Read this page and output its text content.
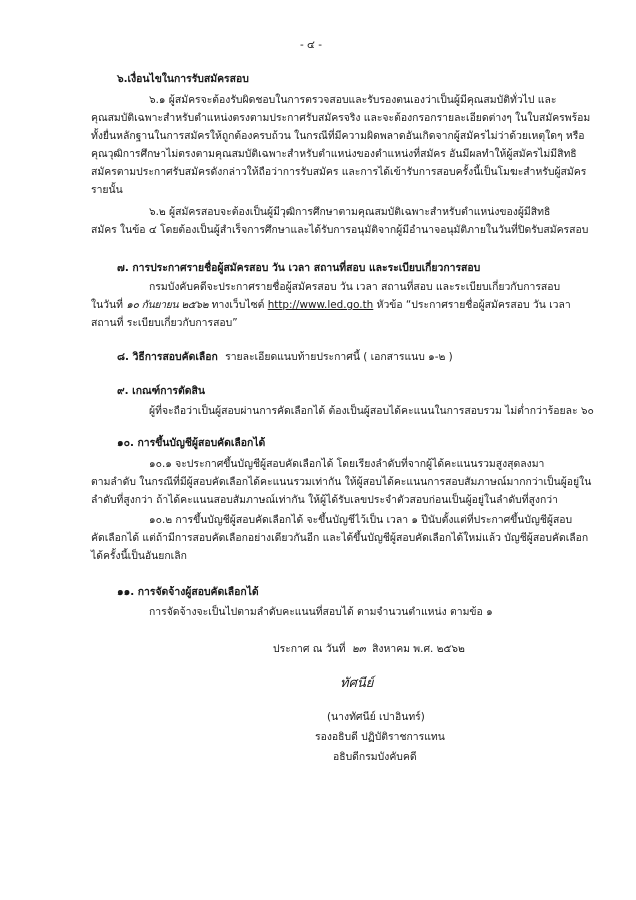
- ๔ -
๖.เงื่อนไขในการรับสมัครสอบ
๖.๑ ผู้สมัครจะต้องรับผิดชอบในการตรวจสอบและรับรองตนเองว่าเป็นผู้มีคุณสมบัติทั่วไป และ
คุณสมบัติเฉพาะสำหรับตำแหน่งตรงตามประกาศรับสมัครจริง และจะต้องกรอกรายละเอียดต่างๆ ในใบสมัครพร้อม
ทั้งยื่นหลักฐานในการสมัครให้ถูกต้องครบถ้วน ในกรณีที่มีความผิดพลาดอันเกิดจากผู้สมัครไม่ว่าด้วยเหตุใดๆ หรือ
คุณวุฒิการศึกษาไม่ตรงตามคุณสมบัติเฉพาะสำหรับตำแหน่งของตำแหน่งที่สมัคร อันมีผลทำให้ผู้สมัครไม่มีสิทธิ
สมัครตามประกาศรับสมัครดังกล่าวให้ถือว่าการรับสมัคร และการได้เข้ารับการสอบครั้งนี้เป็นโมฆะสำหรับผู้สมัคร
รายนั้น
๖.๒ ผู้สมัครสอบจะต้องเป็นผู้มีวุฒิการศึกษาตามคุณสมบัติเฉพาะสำหรับตำแหน่งของผู้มีสิทธิ
สมัคร ในข้อ ๔ โดยต้องเป็นผู้สำเร็จการศึกษาและได้รับการอนุมัติจากผู้มีอำนาจอนุมัติภายในวันที่ปิดรับสมัครสอบ
๗. การประกาศรายชื่อผู้สมัครสอบ วัน เวลา สถานที่สอบ และระเบียบเกี่ยวการสอบ
กรมบังคับคดีจะประกาศรายชื่อผู้สมัครสอบ วัน เวลา สถานที่สอบ และระเบียบเกี่ยวกับการสอบ
ในวันที่ ๑๐ กันยายน ๒๕๖๒ ทางเว็บไซต์ http://www.led.go.th หัวข้อ “ประกาศรายชื่อผู้สมัครสอบ วัน เวลา
สถานที่ ระเบียบเกี่ยวกับการสอบ”
๘. วิธีการสอบคัดเลือก รายละเอียดแนบท้ายประกาศนี้ ( เอกสารแนบ ๑-๒ )
๙. เกณฑ์การตัดสิน
ผู้ที่จะถือว่าเป็นผู้สอบผ่านการคัดเลือกได้ ต้องเป็นผู้สอบได้คะแนนในการสอบรวม ไม่ต่ำกว่าร้อยละ ๖๐
๑๐. การขึ้นบัญชีผู้สอบคัดเลือกได้
๑๐.๑ จะประกาศขึ้นบัญชีผู้สอบคัดเลือกได้ โดยเรียงลำดับที่จากผู้ได้คะแนนรวมสูงสุดลงมา
ตามลำดับ ในกรณีที่มีผู้สอบคัดเลือกได้คะแนนรวมเท่ากัน ให้ผู้สอบได้คะแนนการสอบสัมภาษณ์มากกว่าเป็นผู้อยู่ใน
ลำดับที่สูงกว่า ถ้าได้คะแนนสอบสัมภาษณ์เท่ากัน ให้ผู้ได้รับเลขประจำตัวสอบก่อนเป็นผู้อยู่ในลำดับที่สูงกว่า
๑๐.๒ การขึ้นบัญชีผู้สอบคัดเลือกได้ จะขึ้นบัญชีไว้เป็น เวลา ๑ ปีนับตั้งแต่ที่ประกาศขึ้นบัญชีผู้สอบ
คัดเลือกได้ แต่ถ้ามีการสอบคัดเลือกอย่างเดียวกันอีก และได้ขึ้นบัญชีผู้สอบคัดเลือกได้ใหม่แล้ว บัญชีผู้สอบคัดเลือก
ได้ครั้งนี้เป็นอันยกเลิก
๑๑. การจัดจ้างผู้สอบคัดเลือกได้
การจัดจ้างจะเป็นไปตามลำดับคะแนนที่สอบได้ ตามจำนวนตำแหน่ง ตามข้อ ๑
ประกาศ ณ วันที่ ๒๓ สิงหาคม พ.ศ. ๒๕๖๒
ทัศนีย์
(นางทัศนีย์ เปาอินทร์)
รองอธิบดี ปฏิบัติราชการแทน
อธิบดีกรมบังคับคดี
